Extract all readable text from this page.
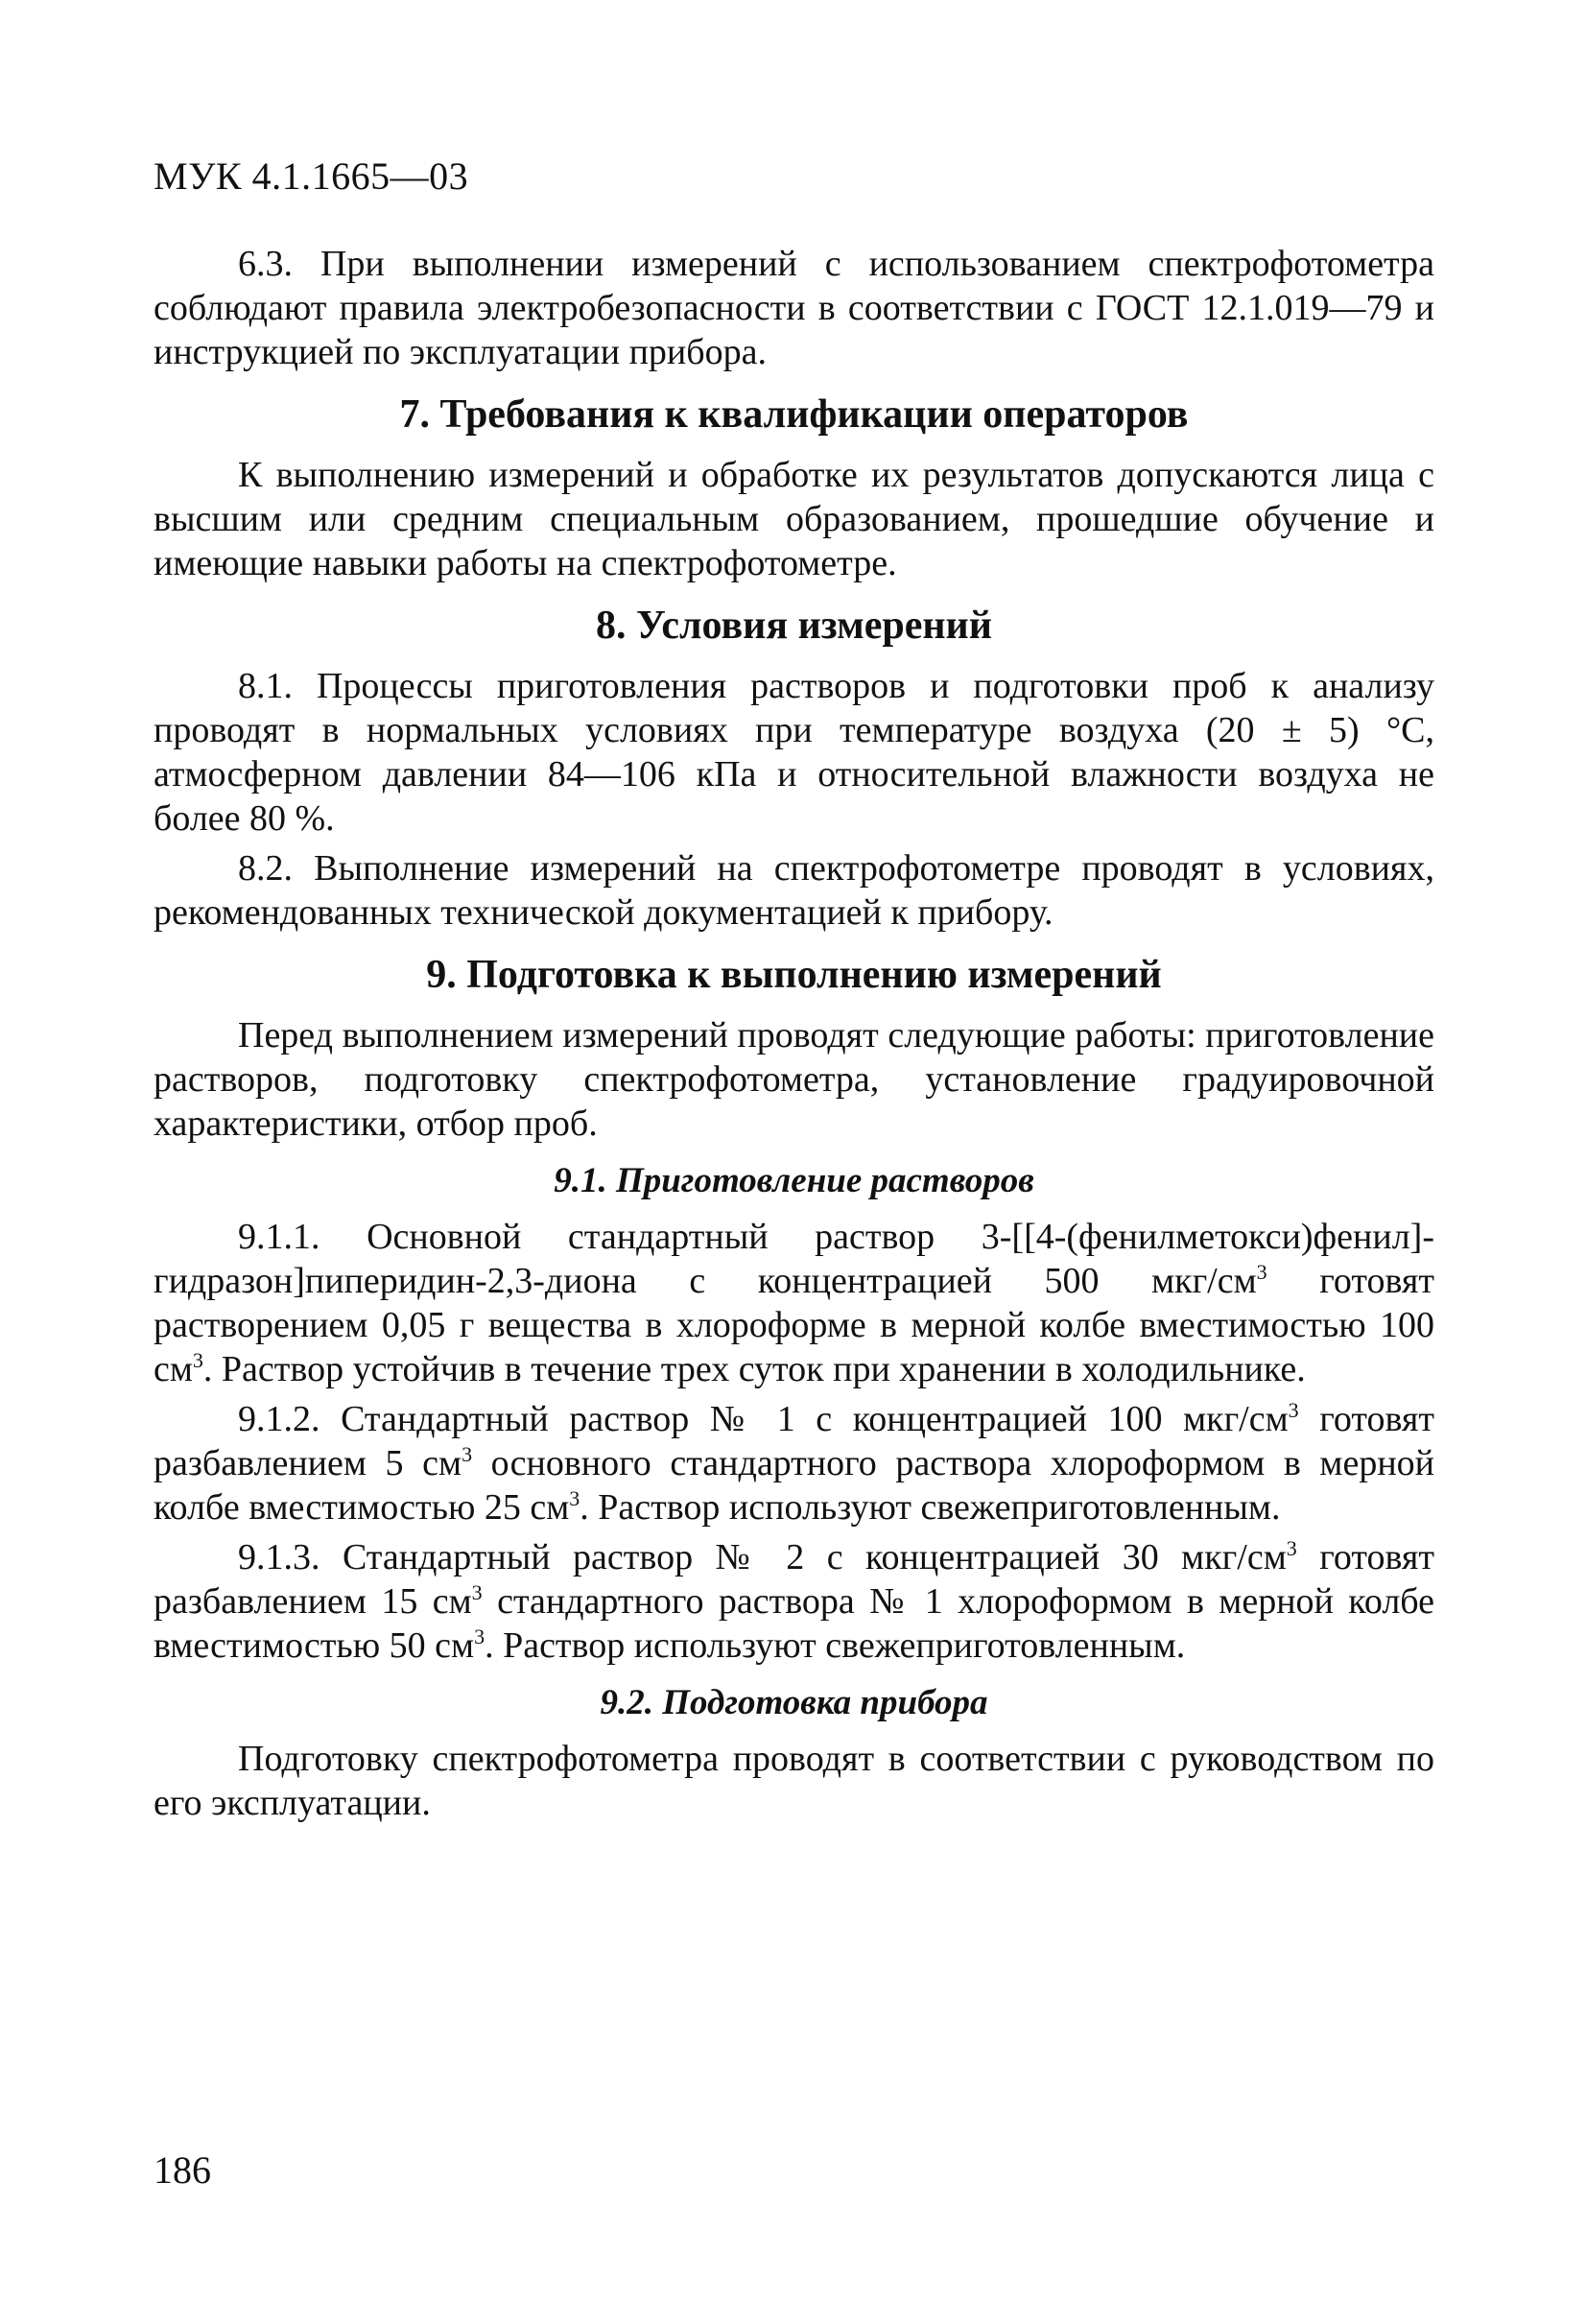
МУК 4.1.1665—03

6.3. При выполнении измерений с использованием спектрофотометра соблюдают правила электробезопасности в соответствии с ГОСТ 12.1.019—79 и инструкцией по эксплуатации прибора.

7. Требования к квалификации операторов

К выполнению измерений и обработке их результатов допускаются лица с высшим или средним специальным образованием, прошедшие обучение и имеющие навыки работы на спектрофотометре.

8. Условия измерений

8.1. Процессы приготовления растворов и подготовки проб к анализу проводят в нормальных условиях при температуре воздуха (20 ± 5) °С, атмосферном давлении 84—106 кПа и относительной влажности воздуха не более 80 %.

8.2. Выполнение измерений на спектрофотометре проводят в условиях, рекомендованных технической документацией к прибору.

9. Подготовка к выполнению измерений

Перед выполнением измерений проводят следующие работы: приготовление растворов, подготовку спектрофотометра, установление градуировочной характеристики, отбор проб.

9.1. Приготовление растворов

9.1.1. Основной стандартный раствор 3-[[4-(фенилметокси)фенил]-гидразон]пиперидин-2,3-диона с концентрацией 500 мкг/$см^3$ готовят растворением 0,05 г вещества в хлороформе в мерной колбе вместимостью 100 $см^3$. Раствор устойчив в течение трех суток при хранении в холодильнике.

9.1.2. Стандартный раствор № 1 с концентрацией 100 мкг/$см^3$ готовят разбавлением 5 $см^3$ основного стандартного раствора хлороформом в мерной колбе вместимостью 25 $см^3$. Раствор используют свежеприготовленным.

9.1.3. Стандартный раствор № 2 с концентрацией 30 мкг/$см^3$ готовят разбавлением 15 $см^3$ стандартного раствора № 1 хлороформом в мерной колбе вместимостью 50 $см^3$. Раствор используют свежеприготовленным.

9.2. Подготовка прибора

Подготовку спектрофотометра проводят в соответствии с руководством по его эксплуатации.

186
